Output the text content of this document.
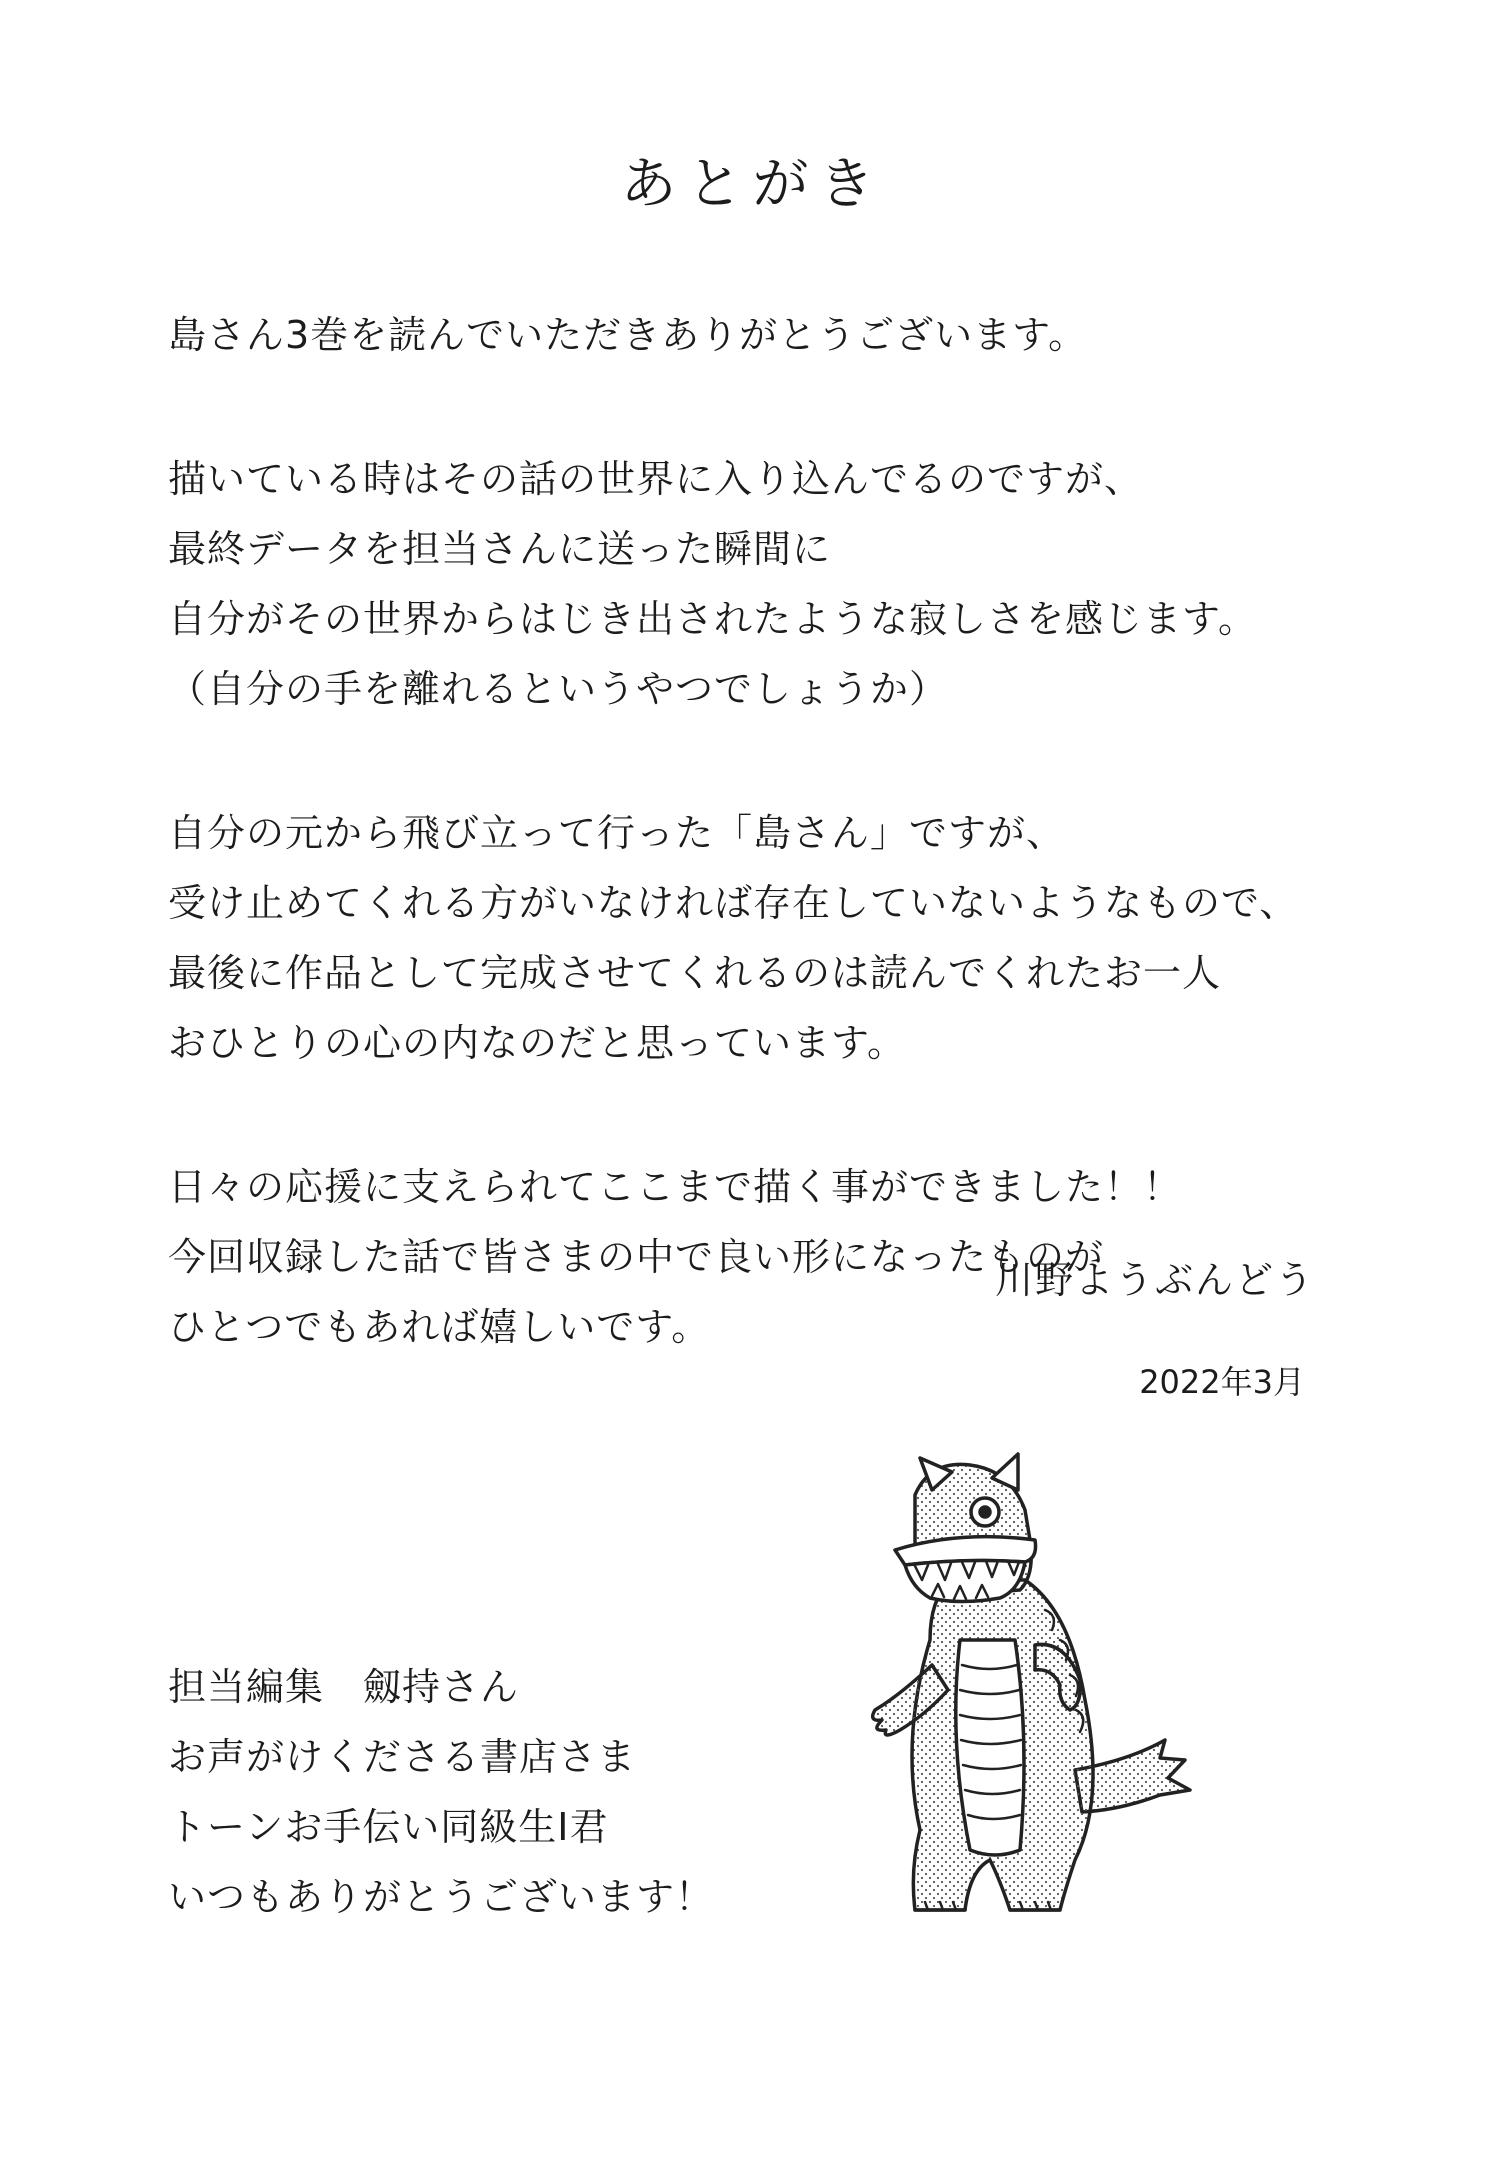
あとがき
島さん3巻を読んでいただきありがとうございます。
描いている時はその話の世界に入り込んでるのですが、
最終データを担当さんに送った瞬間に
自分がその世界からはじき出されたような寂しさを感じます。
（自分の手を離れるというやつでしょうか）
自分の元から飛び立って行った「島さん」ですが、
受け止めてくれる方がいなければ存在していないようなもので、
最後に作品として完成させてくれるのは読んでくれたお一人
おひとりの心の内なのだと思っています。
日々の応援に支えられてここまで描く事ができました！！
今回収録した話で皆さまの中で良い形になったものが
ひとつでもあれば嬉しいです。
川野ようぶんどう
2022年3月
担当編集　劔持さん
お声がけくださる書店さま
トーンお手伝い同級生I君
いつもありがとうございます！
